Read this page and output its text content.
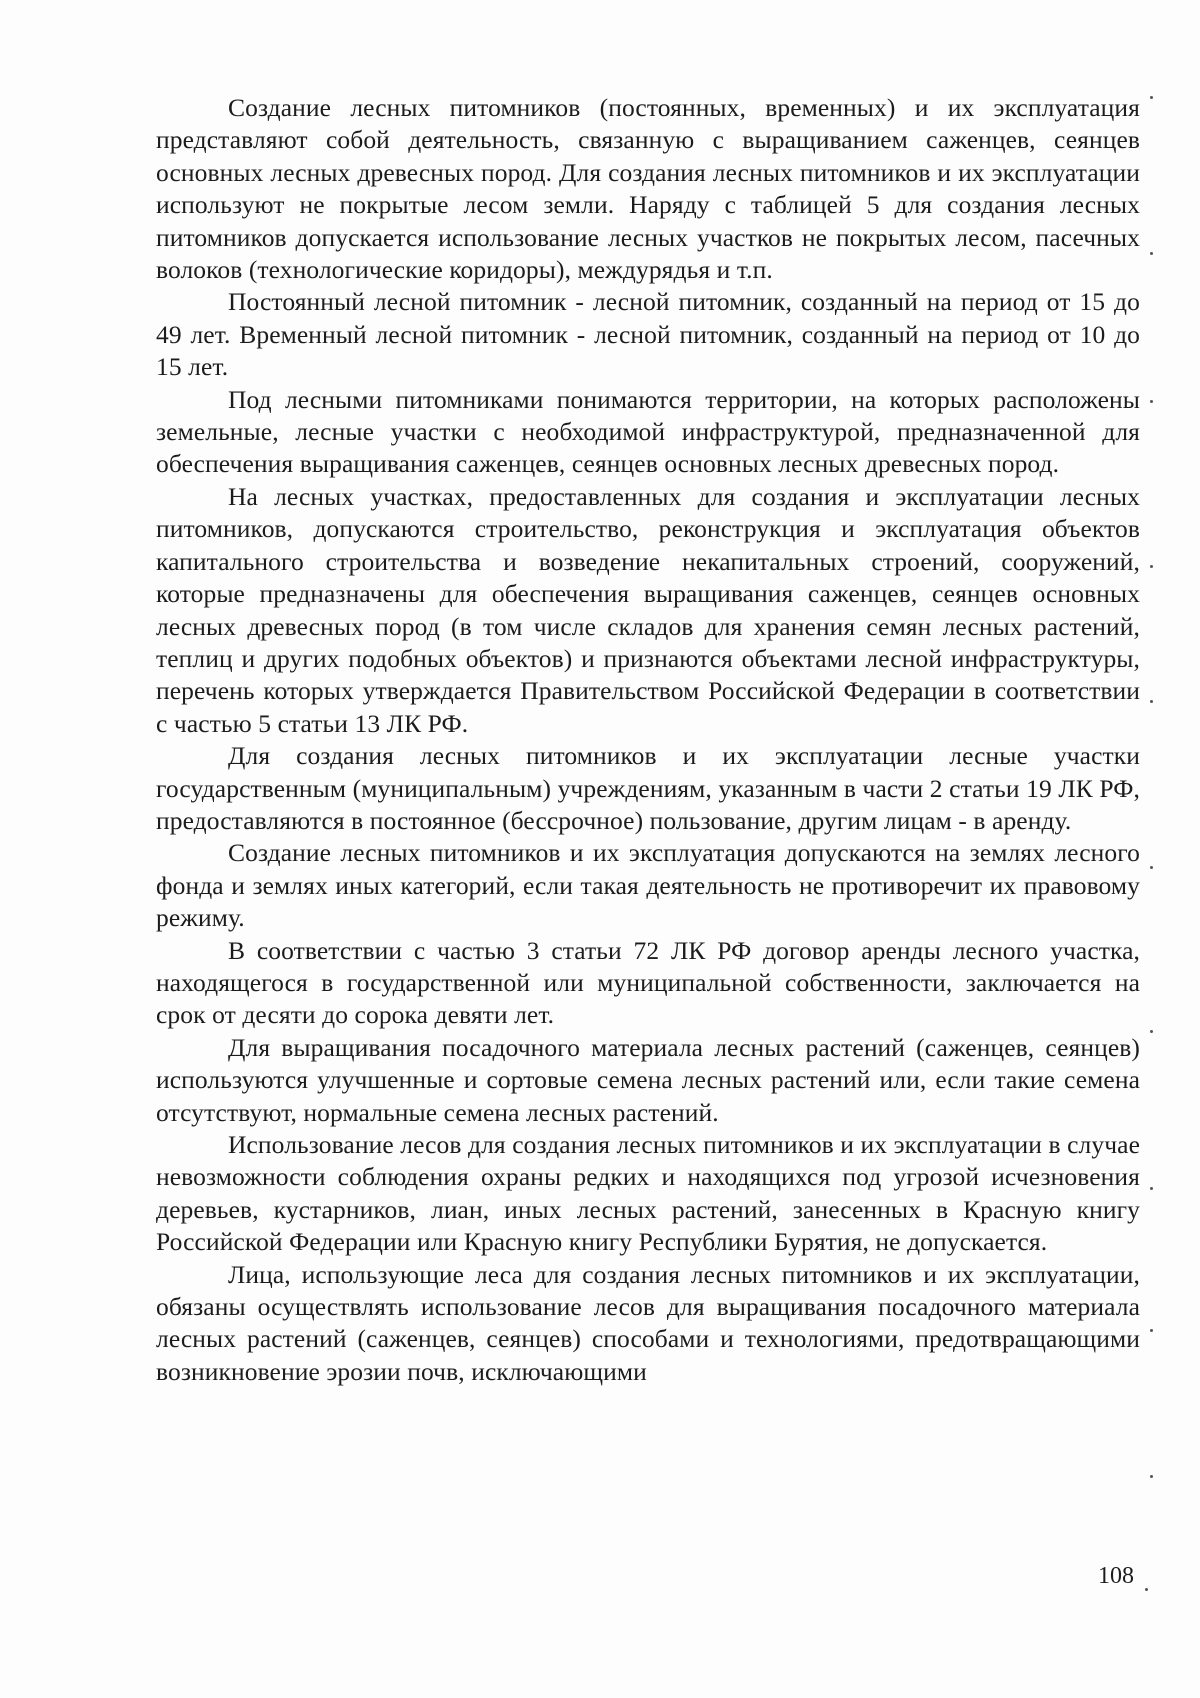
Создание лесных питомников (постоянных, временных) и их эксплуатация представляют собой деятельность, связанную с выращиванием саженцев, сеянцев основных лесных древесных пород. Для создания лесных питомников и их эксплуатации используют не покрытые лесом земли. Наряду с таблицей 5 для создания лесных питомников допускается использование лесных участков не покрытых лесом, пасечных волоков (технологические коридоры), междурядья и т.п.

Постоянный лесной питомник - лесной питомник, созданный на период от 15 до 49 лет. Временный лесной питомник - лесной питомник, созданный на период от 10 до 15 лет.

Под лесными питомниками понимаются территории, на которых расположены земельные, лесные участки с необходимой инфраструктурой, предназначенной для обеспечения выращивания саженцев, сеянцев основных лесных древесных пород.

На лесных участках, предоставленных для создания и эксплуатации лесных питомников, допускаются строительство, реконструкция и эксплуатация объектов капитального строительства и возведение некапитальных строений, сооружений, которые предназначены для обеспечения выращивания саженцев, сеянцев основных лесных древесных пород (в том числе складов для хранения семян лесных растений, теплиц и других подобных объектов) и признаются объектами лесной инфраструктуры, перечень которых утверждается Правительством Российской Федерации в соответствии с частью 5 статьи 13 ЛК РФ.

Для создания лесных питомников и их эксплуатации лесные участки государственным (муниципальным) учреждениям, указанным в части 2 статьи 19 ЛК РФ, предоставляются в постоянное (бессрочное) пользование, другим лицам - в аренду.

Создание лесных питомников и их эксплуатация допускаются на землях лесного фонда и землях иных категорий, если такая деятельность не противоречит их правовому режиму.

В соответствии с частью 3 статьи 72 ЛК РФ договор аренды лесного участка, находящегося в государственной или муниципальной собственности, заключается на срок от десяти до сорока девяти лет.

Для выращивания посадочного материала лесных растений (саженцев, сеянцев) используются улучшенные и сортовые семена лесных растений или, если такие семена отсутствуют, нормальные семена лесных растений.

Использование лесов для создания лесных питомников и их эксплуатации в случае невозможности соблюдения охраны редких и находящихся под угрозой исчезновения деревьев, кустарников, лиан, иных лесных растений, занесенных в Красную книгу Российской Федерации или Красную книгу Республики Бурятия, не допускается.

Лица, использующие леса для создания лесных питомников и их эксплуатации, обязаны осуществлять использование лесов для выращивания посадочного материала лесных растений (саженцев, сеянцев) способами и технологиями, предотвращающими возникновение эрозии почв, исключающими

108
